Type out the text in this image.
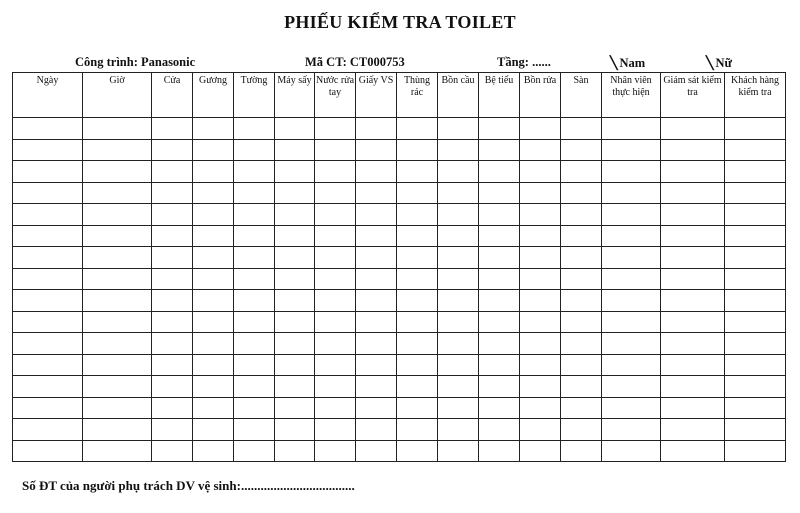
PHIẾU KIỂM TRA TOILET
Công trình: Panasonic	Mã CT: CT000753	Tầng: ......	╲ Nam	╲ Nữ
Ngày	Giờ	Cửa	Gương	Tường	Máy sấy	Nước rửa tay	Giấy VS	Thùng rác	Bồn cầu	Bệ tiểu	Bồn rửa	Sàn	Nhân viên thực hiện	Giám sát kiểm tra	Khách hàng kiểm tra

Số ĐT của người phụ trách DV vệ sinh:...................................
